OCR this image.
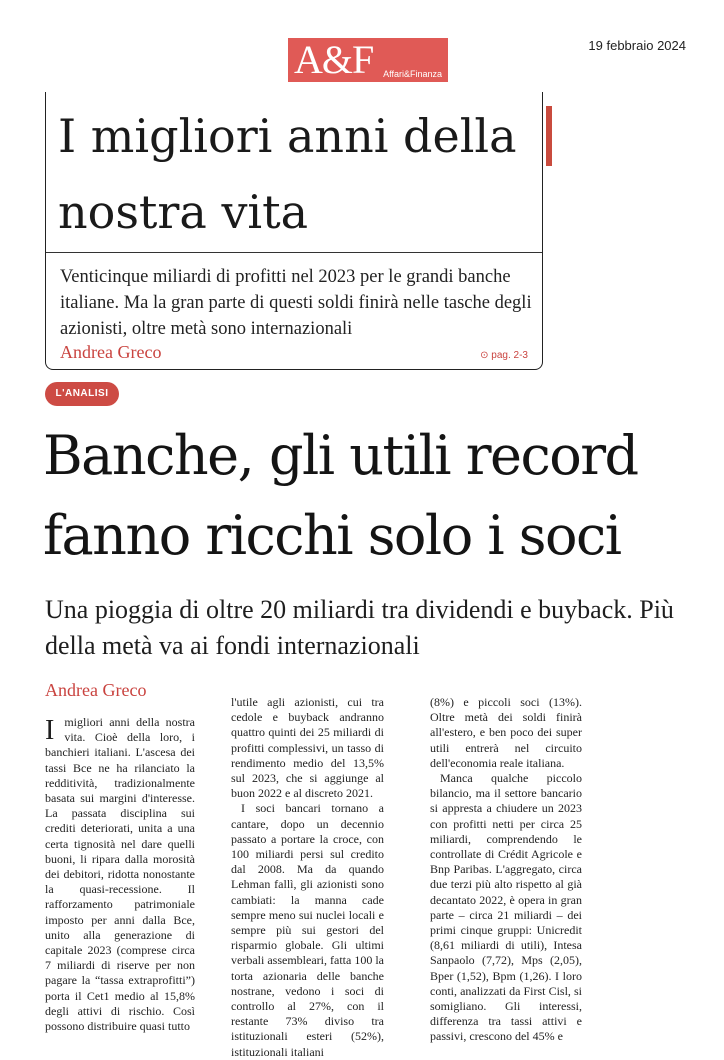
A&F Affari&Finanza
19 febbraio 2024
I migliori anni della nostra vita

Venticinque miliardi di profitti nel 2023 per le grandi banche italiane. Ma la gran parte di questi soldi finirà nelle tasche degli azionisti, oltre metà sono internazionali

Andrea Greco	⊙ pag. 2-3
L'ANALISI
Banche, gli utili record fanno ricchi solo i soci

Una pioggia di oltre 20 miliardi tra dividendi e buyback. Più della metà va ai fondi internazionali

Andrea Greco

Imigliori anni della nostra vita. Cioè della loro, i banchieri italiani. L'ascesa dei tassi Bce ne ha rilanciato la redditività, tradizionalmente basata sui margini d'interesse. La passata disciplina sui crediti deteriorati, unita a una certa tignosità nel dare quelli buoni, li ripara dalla morosità dei debitori, ridotta nonostante la quasi-recessione. Il rafforzamento patrimoniale imposto per anni dalla Bce, unito alla generazione di capitale 2023 (comprese circa 7 miliardi di riserve per non pagare la “tassa extraprofitti”) porta il Cet1 medio al 15,8% degli attivi di rischio. Così possono distribuire quasi tutto

l'utile agli azionisti, cui tra cedole e buyback andranno quattro quinti dei 25 miliardi di profitti complessivi, un tasso di rendimento medio del 13,5% sul 2023, che si aggiunge al buon 2022 e al discreto 2021.

I soci bancari tornano a cantare, dopo un decennio passato a portare la croce, con 100 miliardi persi sul credito dal 2008. Ma da quando Lehman fallì, gli azionisti sono cambiati: la manna cade sempre meno sui nuclei locali e sempre più sui gestori del risparmio globale. Gli ultimi verbali assembleari, fatta 100 la torta azionaria delle banche nostrane, vedono i soci di controllo al 27%, con il restante 73% diviso tra istituzionali esteri (52%), istituzionali italiani

(8%) e piccoli soci (13%). Oltre metà dei soldi finirà all'estero, e ben poco dei super utili entrerà nel circuito dell'economia reale italiana.

Manca qualche piccolo bilancio, ma il settore bancario si appresta a chiudere un 2023 con profitti netti per circa 25 miliardi, comprendendo le controllate di Crédit Agricole e Bnp Paribas. L'aggregato, circa due terzi più alto rispetto al già decantato 2022, è opera in gran parte – circa 21 miliardi – dei primi cinque gruppi: Unicredit (8,61 miliardi di utili), Intesa Sanpaolo (7,72), Mps (2,05), Bper (1,52), Bpm (1,26). I loro conti, analizzati da First Cisl, si somigliano. Gli interessi, differenza tra tassi attivi e passivi, crescono del 45% e
